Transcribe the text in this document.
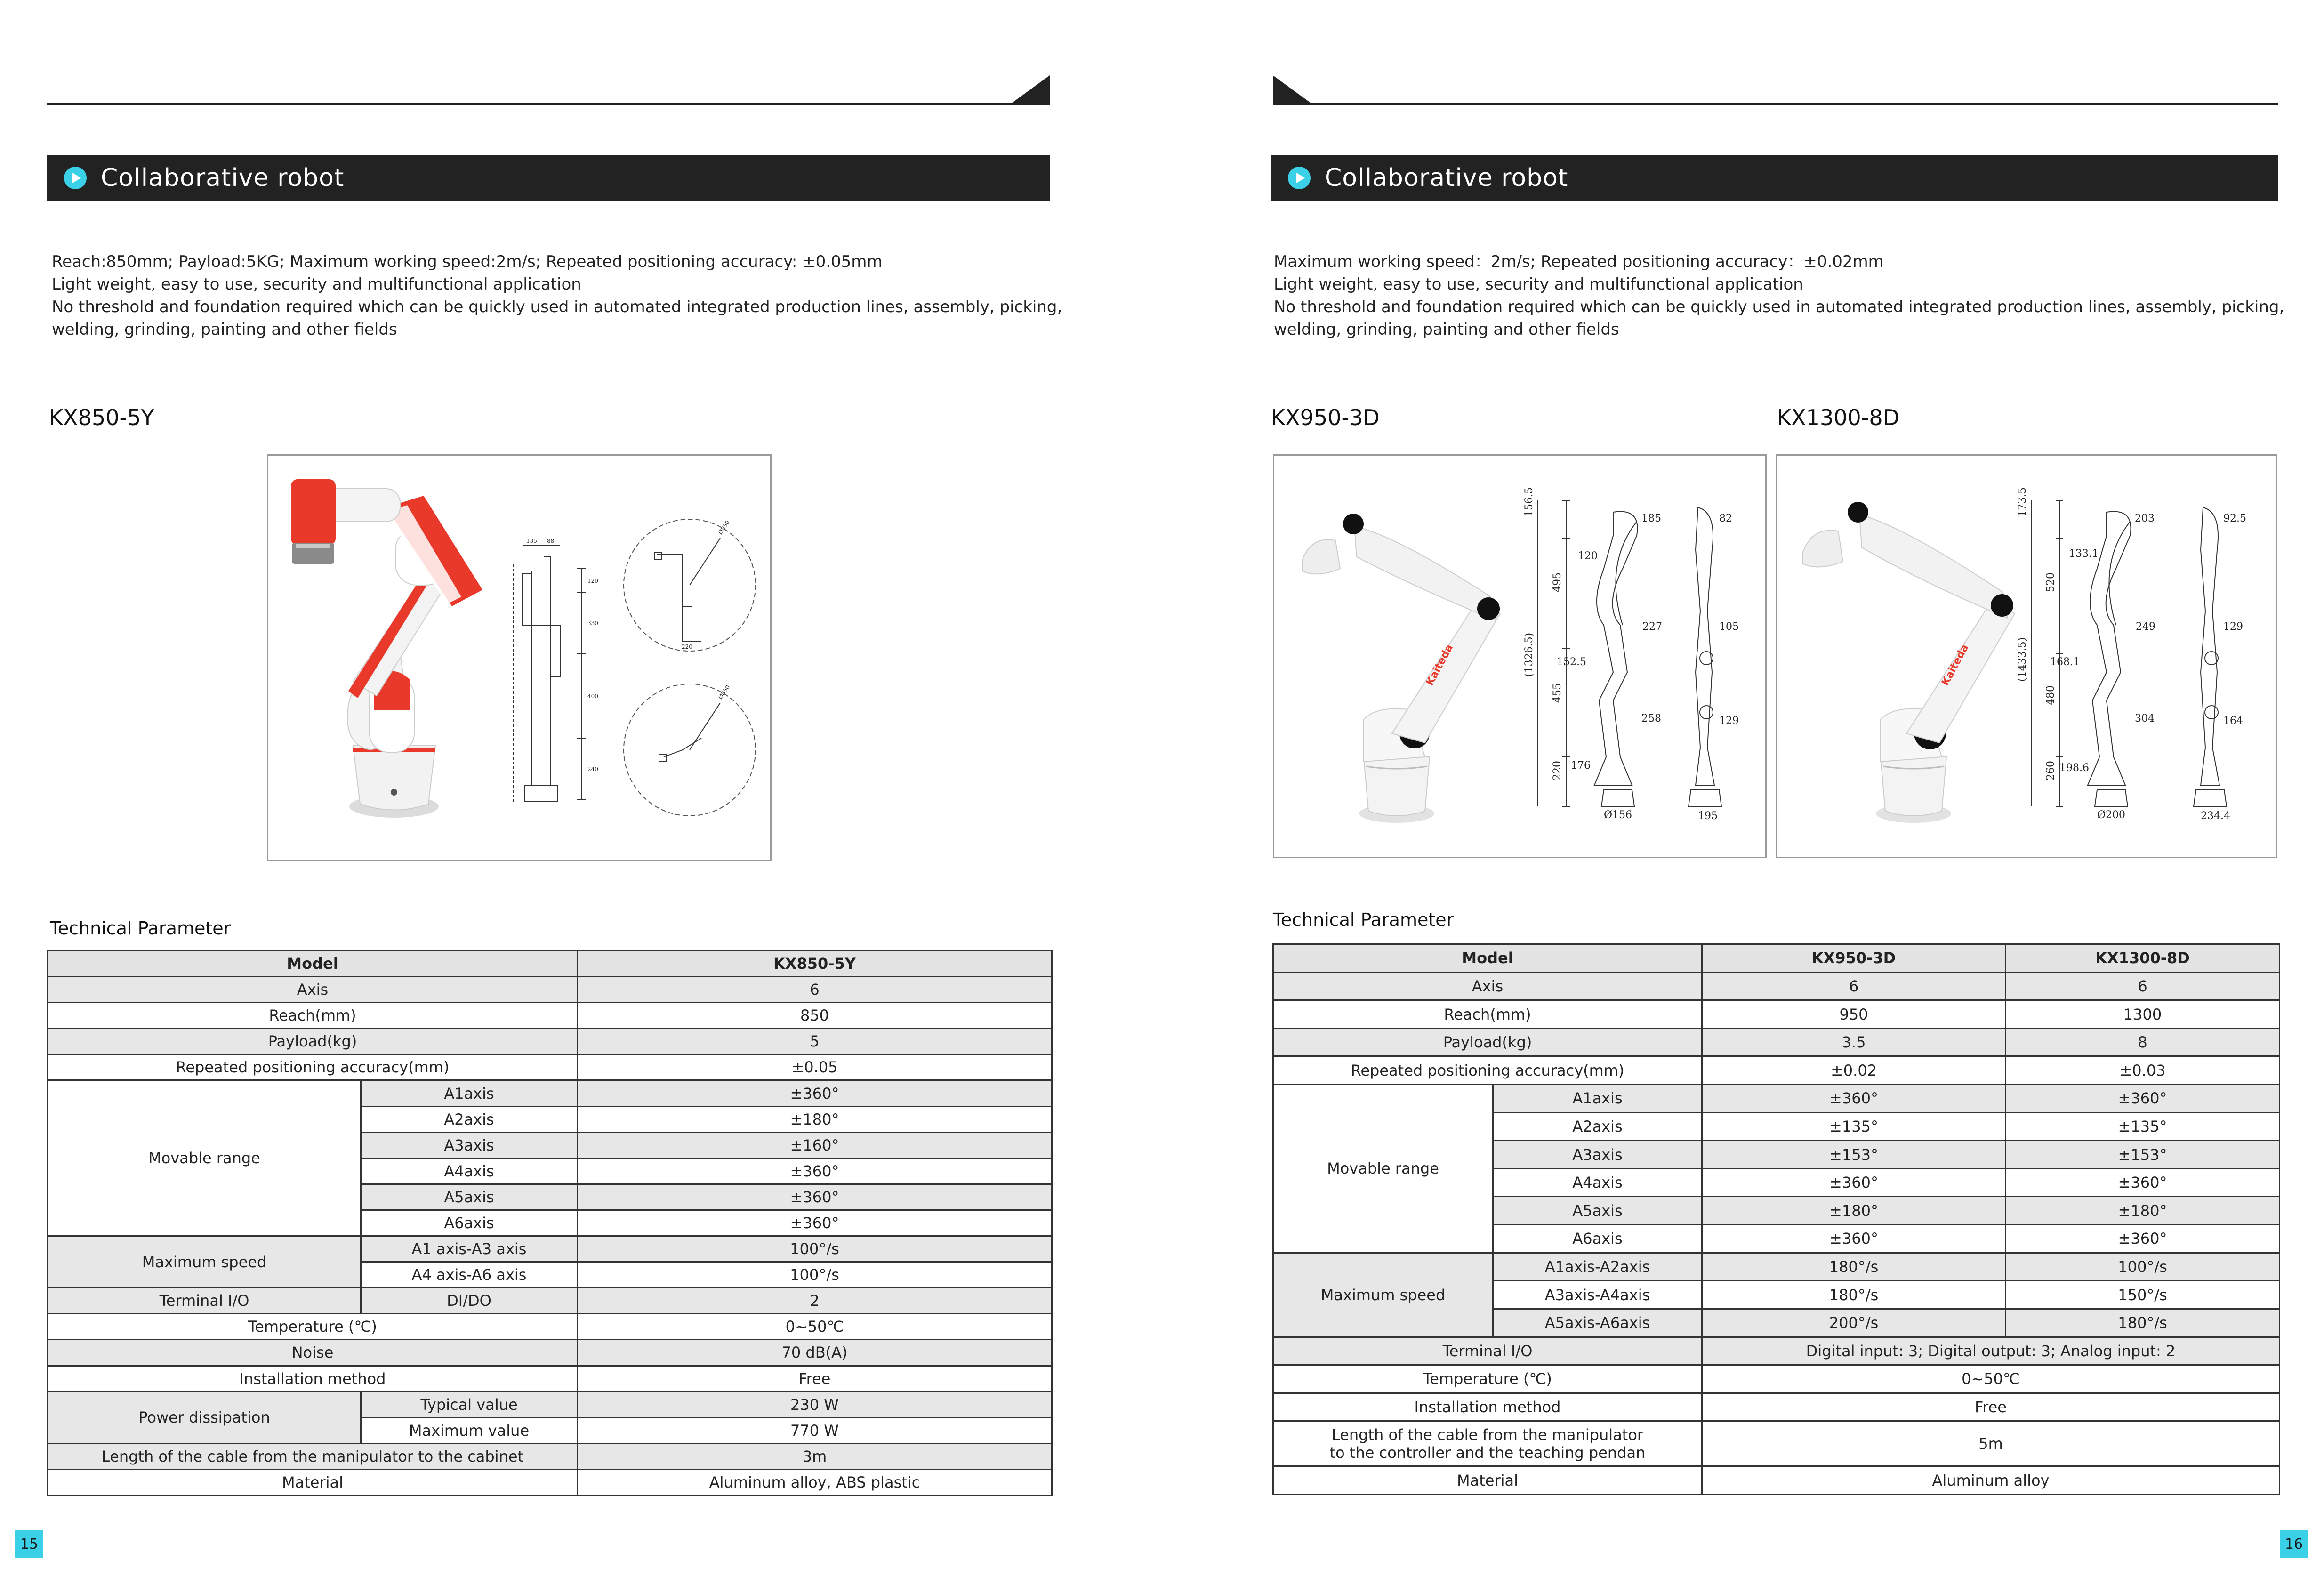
Collaborative robot
Reach:850mm; Payload:5KG; Maximum working speed:2m/s; Repeated positioning accuracy: ±0.05mm
Light weight, easy to use, security and multifunctional application
No threshold and foundation required which can be quickly used in automated integrated production lines, assembly, picking,
welding, grinding, painting and other fields
KX850-5Y
135 88
120
330
400
240
220
Ø850
Ø850
Technical Parameter
Model		KX850-5Y
Axis		6
Reach(mm)		850
Payload(kg)		5
Repeated positioning accuracy(mm)		±0.05
Movable range	A1axis	±360°
	A2axis	±180°
	A3axis	±160°
	A4axis	±360°
	A5axis	±360°
	A6axis	±360°
Maximum speed	A1 axis-A3 axis	100°/s
	A4 axis-A6 axis	100°/s
Terminal I/O	DI/DO	2
Temperature (℃)		0~50℃
Noise		70 dB(A)
Installation method		Free
Power dissipation	Typical value	230 W
	Maximum value	770 W
Length of the cable from the manipulator to the cabinet		3m
Material		Aluminum alloy, ABS plastic
15
Collaborative robot
Maximum working speed：2m/s; Repeated positioning accuracy：±0.02mm
Light weight, easy to use, security and multifunctional application
No threshold and foundation required which can be quickly used in automated integrated production lines, assembly, picking,
welding, grinding, painting and other fields
KX950-3D	KX1300-8D
Kaiteda
156.5
495
455
220
(1326.5)
185
120
227
152.5
258
176
Ø156
82
105
129
195
Kaiteda
173.5
520
480
260
(1433.5)
203
133.1
249
168.1
304
198.6
Ø200
92.5
129
164
234.4
Technical Parameter
Model		KX950-3D	KX1300-8D
Axis		6	6
Reach(mm)		950	1300
Payload(kg)		3.5	8
Repeated positioning accuracy(mm)		±0.02	±0.03
Movable range	A1axis	±360°	±360°
	A2axis	±135°	±135°
	A3axis	±153°	±153°
	A4axis	±360°	±360°
	A5axis	±180°	±180°
	A6axis	±360°	±360°
Maximum speed	A1axis-A2axis	180°/s	100°/s
	A3axis-A4axis	180°/s	150°/s
	A5axis-A6axis	200°/s	180°/s
Terminal I/O		Digital input: 3; Digital output: 3; Analog input: 2	
Temperature (℃)		0~50℃	
Installation method		Free	

Length of the cable from the manipulator
to the controller and the teaching pendan		5m	
Material		Aluminum alloy	
16
